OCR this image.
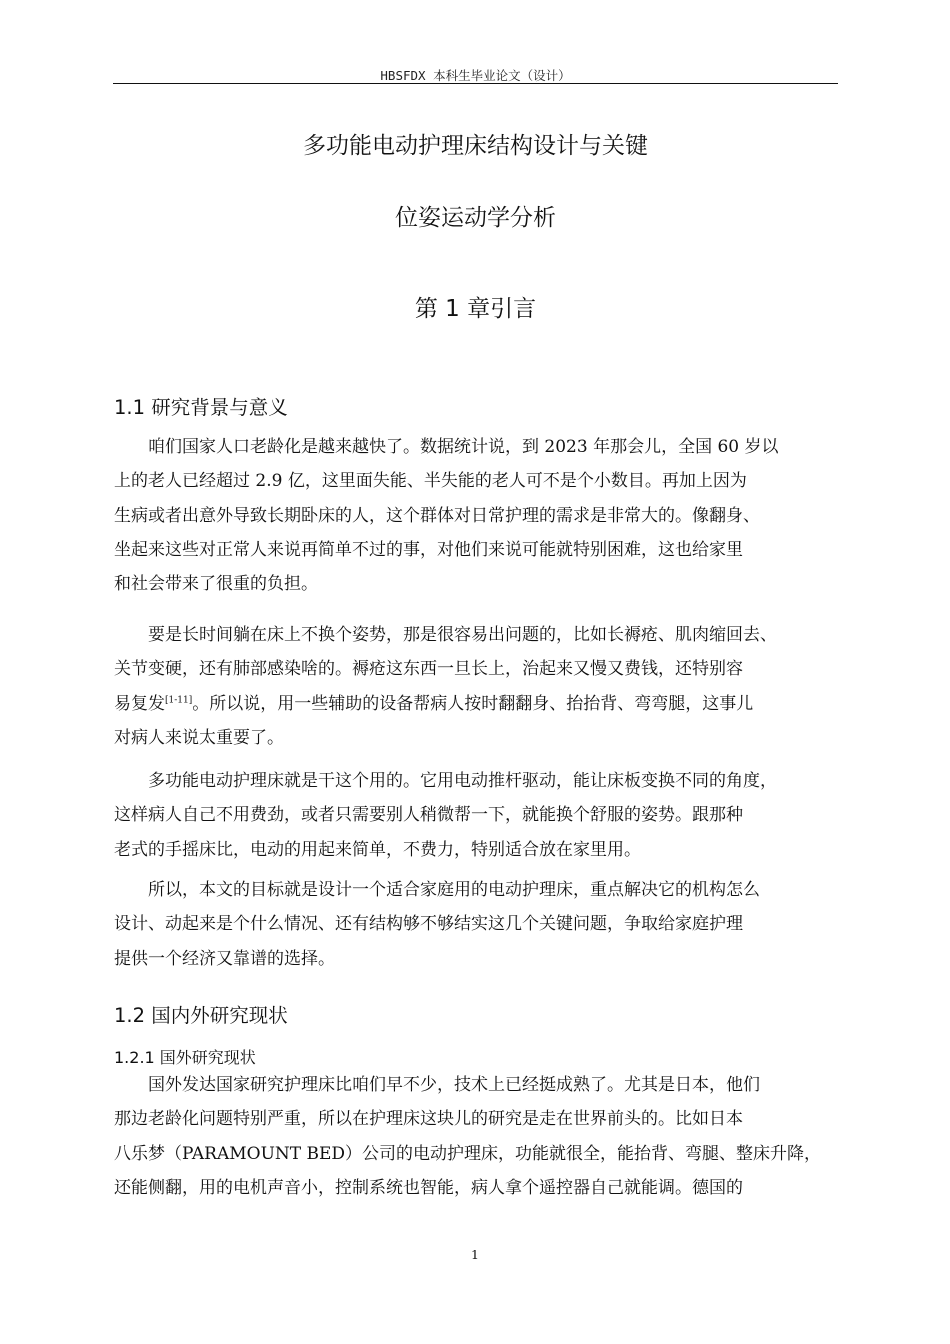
HBSFDX 本科生毕业论文（设计）
多功能电动护理床结构设计与关键
位姿运动学分析
第 1 章引言
1.1 研究背景与意义
咱们国家人口老龄化是越来越快了。数据统计说，到 2023 年那会儿，全国 60 岁以
上的老人已经超过 2.9 亿，这里面失能、半失能的老人可不是个小数目。再加上因为
生病或者出意外导致长期卧床的人，这个群体对日常护理的需求是非常大的。像翻身、
坐起来这些对正常人来说再简单不过的事，对他们来说可能就特别困难，这也给家里
和社会带来了很重的负担。
要是长时间躺在床上不换个姿势，那是很容易出问题的，比如长褥疮、肌肉缩回去、
关节变硬，还有肺部感染啥的。褥疮这东西一旦长上，治起来又慢又费钱，还特别容
易复发[1-11]。所以说，用一些辅助的设备帮病人按时翻翻身、抬抬背、弯弯腿，这事儿
对病人来说太重要了。
多功能电动护理床就是干这个用的。它用电动推杆驱动，能让床板变换不同的角度，
这样病人自己不用费劲，或者只需要别人稍微帮一下，就能换个舒服的姿势。跟那种
老式的手摇床比，电动的用起来简单，不费力，特别适合放在家里用。
所以，本文的目标就是设计一个适合家庭用的电动护理床，重点解决它的机构怎么
设计、动起来是个什么情况、还有结构够不够结实这几个关键问题，争取给家庭护理
提供一个经济又靠谱的选择。
1.2 国内外研究现状
1.2.1 国外研究现状
国外发达国家研究护理床比咱们早不少，技术上已经挺成熟了。尤其是日本，他们
那边老龄化问题特别严重，所以在护理床这块儿的研究是走在世界前头的。比如日本
八乐梦（PARAMOUNT BED）公司的电动护理床，功能就很全，能抬背、弯腿、整床升降，
还能侧翻，用的电机声音小，控制系统也智能，病人拿个遥控器自己就能调。德国的
1
